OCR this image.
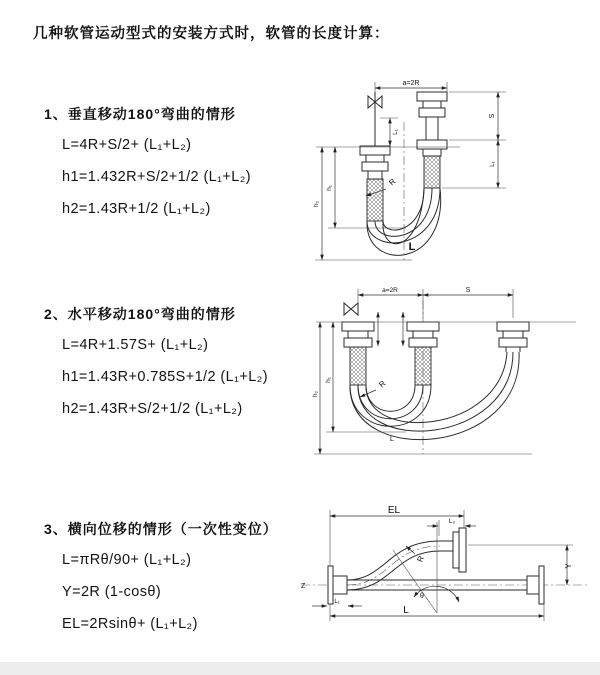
几种软管运动型式的安装方式时，软管的长度计算：
1、垂直移动180°弯曲的情形
L=4R+S/2+ (L₁+L₂)
h1=1.432R+S/2+1/2 (L₁+L₂)
h2=1.43R+1/2 (L₁+L₂)
2、水平移动180°弯曲的情形
L=4R+1.57S+ (L₁+L₂)
h1=1.43R+0.785S+1/2 (L₁+L₂)
h2=1.43R+S/2+1/2 (L₁+L₂)
3、横向位移的情形（一次性变位）
L=πRθ/90+ (L₁+L₂)
Y=2R (1-cosθ)
EL=2Rsinθ+ (L₁+L₂)
a=2R
L₁
h₁
h₂
S
L₁
R
L
a=2R	S
h₁
h₂
R
L
Z
EL
L₂
Y
θ
R
L₁
L
